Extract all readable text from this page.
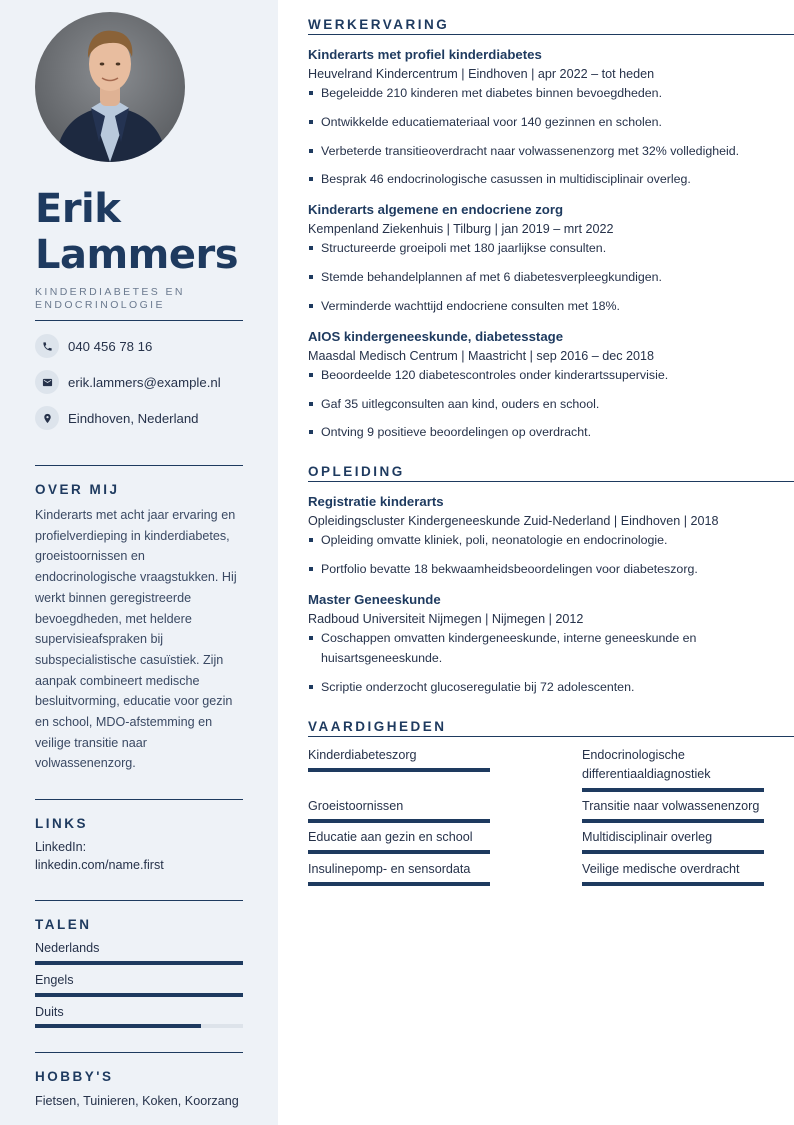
Erik
Lammers
KINDERDIABETES EN ENDOCRINOLOGIE
040 456 78 16
erik.lammers@example.nl
Eindhoven, Nederland
OVER MIJ
Kinderarts met acht jaar ervaring en profielverdieping in kinderdiabetes, groeistoornissen en endocrinologische vraagstukken. Hij werkt binnen geregistreerde bevoegdheden, met heldere supervisieafspraken bij subspecialistische casuïstiek. Zijn aanpak combineert medische besluitvorming, educatie voor gezin en school, MDO-afstemming en veilige transitie naar volwassenenzorg.
LINKS
LinkedIn:
linkedin.com/name.first
TALEN
Nederlands
Engels
Duits
HOBBY'S
Fietsen, Tuinieren, Koken, Koorzang
WERKERVARING
Kinderarts met profiel kinderdiabetes
Heuvelrand Kindercentrum | Eindhoven | apr 2022 – tot heden
Begeleidde 210 kinderen met diabetes binnen bevoegdheden.
Ontwikkelde educatiemateriaal voor 140 gezinnen en scholen.
Verbeterde transitieoverdracht naar volwassenenzorg met 32% volledigheid.
Besprak 46 endocrinologische casussen in multidisciplinair overleg.
Kinderarts algemene en endocriene zorg
Kempenland Ziekenhuis | Tilburg | jan 2019 – mrt 2022
Structureerde groeipoli met 180 jaarlijkse consulten.
Stemde behandelplannen af met 6 diabetesverpleegkundigen.
Verminderde wachttijd endocriene consulten met 18%.
AIOS kindergeneeskunde, diabetesstage
Maasdal Medisch Centrum | Maastricht | sep 2016 – dec 2018
Beoordeelde 120 diabetescontroles onder kinderartssupervisie.
Gaf 35 uitlegconsulten aan kind, ouders en school.
Ontving 9 positieve beoordelingen op overdracht.
OPLEIDING
Registratie kinderarts
Opleidingscluster Kindergeneeskunde Zuid-Nederland | Eindhoven | 2018
Opleiding omvatte kliniek, poli, neonatologie en endocrinologie.
Portfolio bevatte 18 bekwaamheidsbeoordelingen voor diabeteszorg.
Master Geneeskunde
Radboud Universiteit Nijmegen | Nijmegen | 2012
Coschappen omvatten kindergeneeskunde, interne geneeskunde en huisartsgeneeskunde.
Scriptie onderzocht glucoseregulatie bij 72 adolescenten.
VAARDIGHEDEN
Kinderdiabeteszorg	Endocrinologische differentiaaldiagnostiek
Groeistoornissen	Transitie naar volwassenenzorg
Educatie aan gezin en school	Multidisciplinair overleg
Insulinepomp- en sensordata	Veilige medische overdracht
